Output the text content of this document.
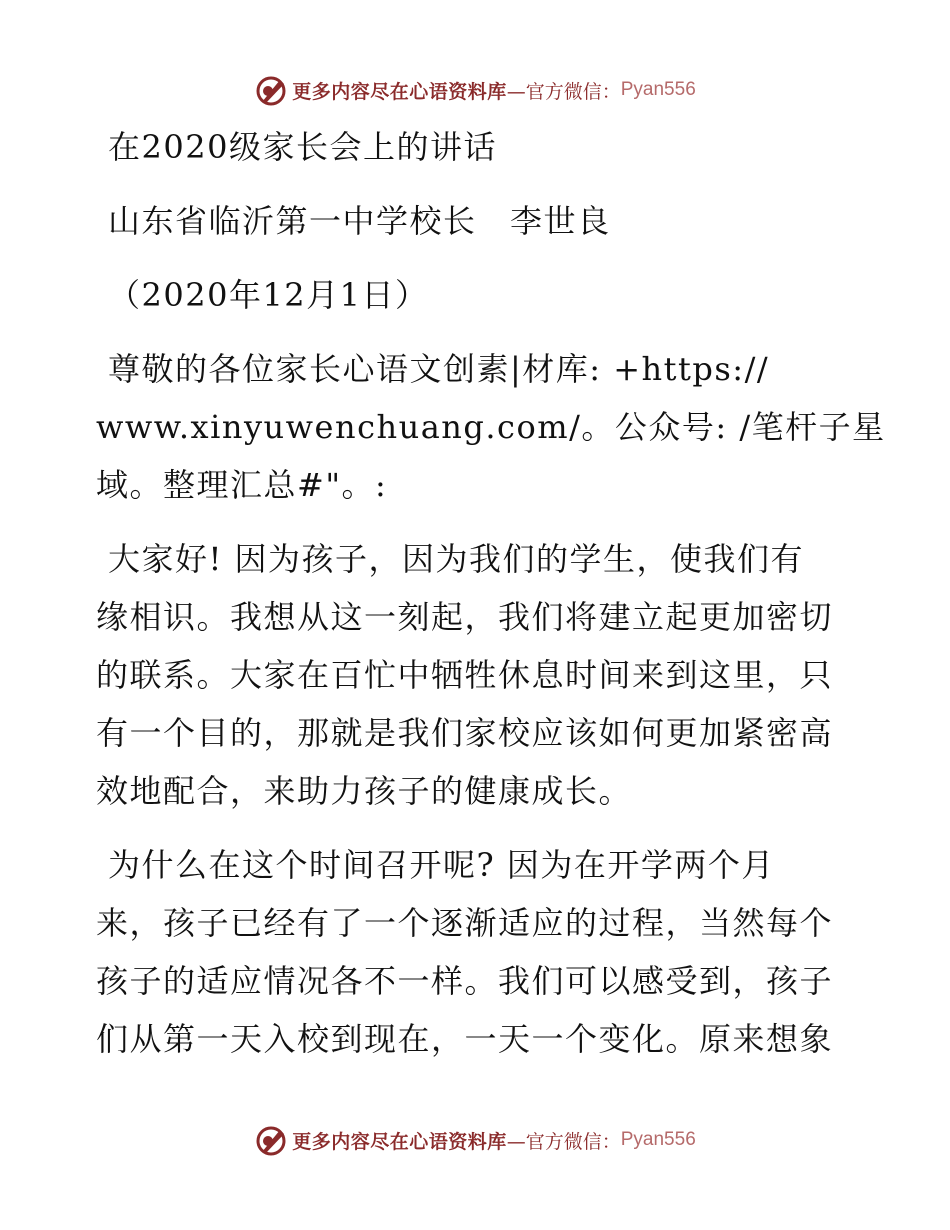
更多内容尽在心语资料库 —官方微信： Pyan556
在2020级家长会上的讲话
山东省临沂第一中学校长　李世良
（2020年12月1日）
尊敬的各位家长心语文创素|材库: +https://
www.xinyuwenchuang.com/。公众号: /笔杆子星
域。整理汇总#"。:
大家好! 因为孩子，因为我们的学生，使我们有
缘相识。我想从这一刻起，我们将建立起更加密切
的联系。大家在百忙中牺牲休息时间来到这里，只
有一个目的，那就是我们家校应该如何更加紧密高
效地配合，来助力孩子的健康成长。
为什么在这个时间召开呢? 因为在开学两个月
来，孩子已经有了一个逐渐适应的过程，当然每个
孩子的适应情况各不一样。我们可以感受到，孩子
们从第一天入校到现在，一天一个变化。原来想象
更多内容尽在心语资料库 —官方微信： Pyan556
